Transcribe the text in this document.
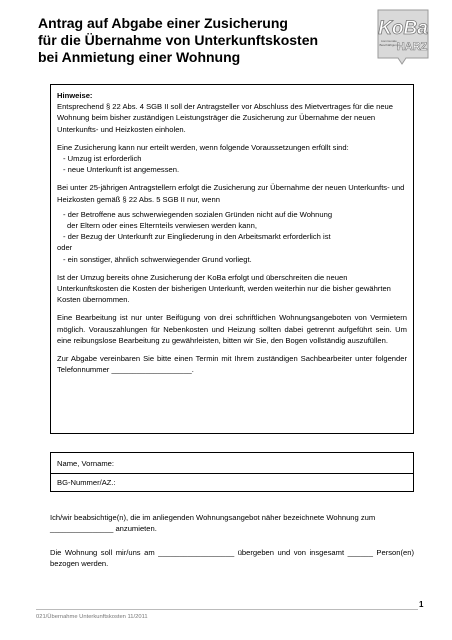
Antrag auf Abgabe einer Zusicherung
für die Übernahme von Unterkunftskosten
bei Anmietung einer Wohnung
KoBa
HARZ
kommunale
Beschäftigung

Hinweise:

Entsprechend § 22 Abs. 4 SGB II soll der Antragsteller vor Abschluss des Mietvertrages für die neue Wohnung beim bisher zuständigen Leistungsträger die Zusicherung zur Übernahme der neuen Unterkunfts- und Heizkosten einholen.

Eine Zusicherung kann nur erteilt werden, wenn folgende Voraussetzungen erfüllt sind:

- Umzug ist erforderlich

- neue Unterkunft ist angemessen.

Bei unter 25-jährigen Antragstellern erfolgt die Zusicherung zur Übernahme der neuen Unterkunfts- und Heizkosten gemäß § 22 Abs. 5 SGB II nur, wenn

- der Betroffene aus schwerwiegenden sozialen Gründen nicht auf die Wohnung

der Eltern oder eines Elternteils verwiesen werden kann,

- der Bezug der Unterkunft zur Eingliederung in den Arbeitsmarkt erforderlich ist

oder

- ein sonstiger, ähnlich schwerwiegender Grund vorliegt.

Ist der Umzug bereits ohne Zusicherung der KoBa erfolgt und überschreiten die neuen Unterkunftskosten die Kosten der bisherigen Unterkunft, werden weiterhin nur die bisher gewährten Kosten übernommen.

Eine Bearbeitung ist nur unter Beifügung von drei schriftlichen Wohnungsangeboten von Vermietern möglich. Vorauszahlungen für Nebenkosten und Heizung sollten dabei getrennt aufgeführt sein. Um eine reibungslose Bearbeitung zu gewährleisten, bitten wir Sie, den Bogen vollständig auszufüllen.

Zur Abgabe vereinbaren Sie bitte einen Termin mit Ihrem zuständigen Sachbearbeiter unter folgender Telefonnummer ___________________.

Name, Vorname:
BG-Nummer/AZ.:

Ich/wir beabsichtige(n), die im anliegenden Wohnungsangebot näher bezeichnete Wohnung zum _______________ anzumieten.

Die Wohnung soll mir/uns am __________________ übergeben und von insgesamt ______ Person(en) bezogen werden.

1
021/Übernahme Unterkunftskosten 11/2011
